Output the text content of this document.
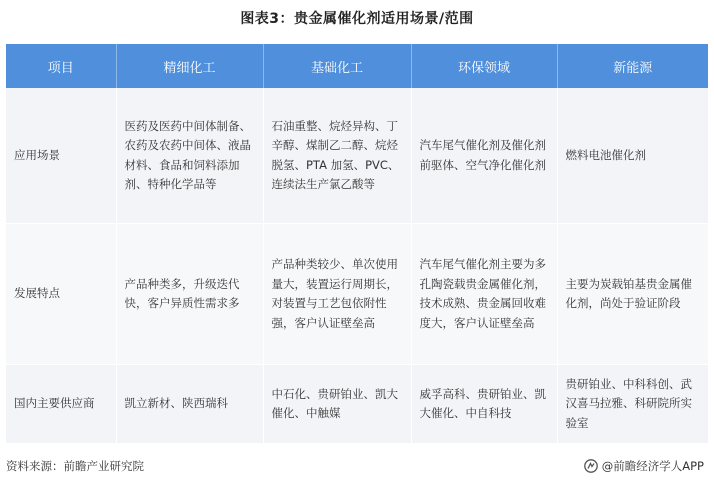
图表3：贵金属催化剂适用场景/范围
项目	精细化工	基础化工	环保领域	新能源
应用场景	医药及医药中间体制备、农药及农药中间体、液晶材料、食品和饲料添加剂、特种化学品等	石油重整、烷烃异构、丁辛醇、煤制乙二醇、烷烃脱氢、PTA 加氢、PVC、连续法生产氯乙酸等	汽车尾气催化剂及催化剂前驱体、空气净化催化剂	燃料电池催化剂
发展特点	产品种类多，升级迭代快，客户异质性需求多	产品种类较少、单次使用量大，装置运行周期长，对装置与工艺包依附性强，客户认证壁垒高	汽车尾气催化剂主要为多孔陶瓷载贵金属催化剂，技术成熟、贵金属回收难度大，客户认证壁垒高	主要为炭载铂基贵金属催化剂，尚处于验证阶段
国内主要供应商	凯立新材、陕西瑞科	中石化、贵研铂业、凯大催化、中触媒	威孚高科、贵研铂业、凯大催化、中自科技	贵研铂业、中科科创、武汉喜马拉雅、科研院所实验室
资料来源：前瞻产业研究院	@前瞻经济学人APP
